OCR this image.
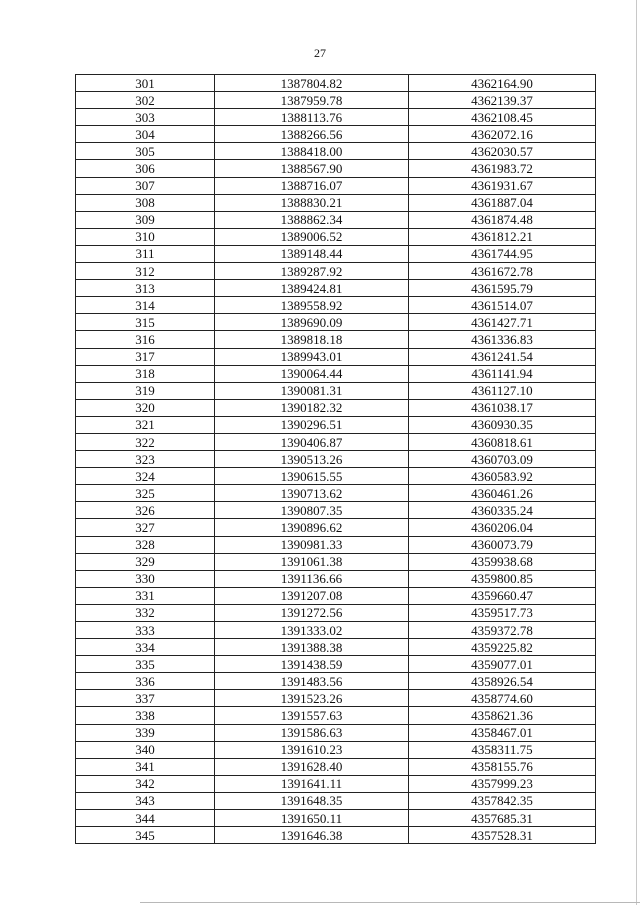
27
301	1387804.82	4362164.90
302	1387959.78	4362139.37
303	1388113.76	4362108.45
304	1388266.56	4362072.16
305	1388418.00	4362030.57
306	1388567.90	4361983.72
307	1388716.07	4361931.67
308	1388830.21	4361887.04
309	1388862.34	4361874.48
310	1389006.52	4361812.21
311	1389148.44	4361744.95
312	1389287.92	4361672.78
313	1389424.81	4361595.79
314	1389558.92	4361514.07
315	1389690.09	4361427.71
316	1389818.18	4361336.83
317	1389943.01	4361241.54
318	1390064.44	4361141.94
319	1390081.31	4361127.10
320	1390182.32	4361038.17
321	1390296.51	4360930.35
322	1390406.87	4360818.61
323	1390513.26	4360703.09
324	1390615.55	4360583.92
325	1390713.62	4360461.26
326	1390807.35	4360335.24
327	1390896.62	4360206.04
328	1390981.33	4360073.79
329	1391061.38	4359938.68
330	1391136.66	4359800.85
331	1391207.08	4359660.47
332	1391272.56	4359517.73
333	1391333.02	4359372.78
334	1391388.38	4359225.82
335	1391438.59	4359077.01
336	1391483.56	4358926.54
337	1391523.26	4358774.60
338	1391557.63	4358621.36
339	1391586.63	4358467.01
340	1391610.23	4358311.75
341	1391628.40	4358155.76
342	1391641.11	4357999.23
343	1391648.35	4357842.35
344	1391650.11	4357685.31
345	1391646.38	4357528.31
